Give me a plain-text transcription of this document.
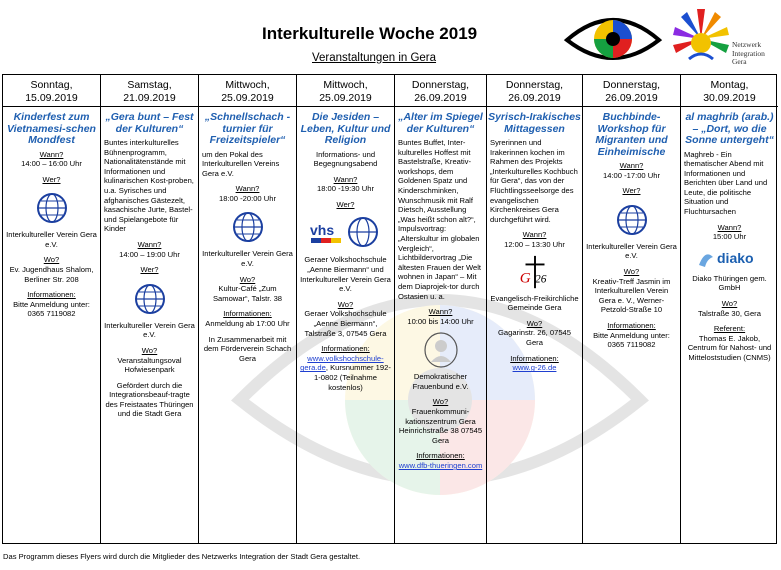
Interkulturelle Woche 2019
Veranstaltungen in Gera
Netzwerk
Integration
Gera
Sonntag,
15.09.2019
Kinderfest zum Vietnamesi-schen Mondfest
Wann?
14:00 – 16:00 Uhr
Wer?
Interkultureller Verein Gera e.V.
Wo?
Ev. Jugendhaus Shalom, Berliner Str. 208
Informationen:
Bitte Anmeldung unter: 0365 7119082
Samstag,
21.09.2019
„Gera bunt – Fest der Kulturen“
Buntes interkulturelles Bühnenprogramm, Nationalitätenstände mit Informationen und kulinarischen Kost-proben, u.a. Syrisches und afghanisches Gästezelt, kasachische Jurte, Bastel- und Spielangebote für Kinder
Wann?
14:00 – 19:00 Uhr
Wer?
Interkultureller Verein Gera e.V.
Wo?
Veranstaltungsoval Hofwiesenpark
Gefördert durch die Integrationsbeauf-tragte des Freistaates Thüringen und die Stadt Gera
Mittwoch,
25.09.2019
„Schnellschach -turnier für Freizeitspieler“
um den Pokal des Interkulturellen Vereins Gera e.V.
Wann?
18:00 -20:00 Uhr
Interkultureller Verein Gera e.V.
Wo?
Kultur-Café „Zum Samowar“, Talstr. 38
Informationen:
Anmeldung ab 17:00 Uhr
In Zusammenarbeit mit dem Förderverein Schach Gera
Mittwoch,
25.09.2019
Die Jesiden – Leben, Kultur und Religion
Informations- und Begegnungsabend
Wann?
18:00 -19:30 Uhr
Wer?
vhs
Geraer Volkshochschule „Aenne Biermann“ und Interkultureller Verein Gera e.V.
Wo?
Geraer Volkshochschule „Aenne Biermann“, Talstraße 3, 07545 Gera
Informationen:
www.volkshochschule-gera.de, Kursnummer 192-1-0802 (Teilnahme kostenlos)
Donnerstag,
26.09.2019
„Alter im Spiegel der Kulturen“
Buntes Buffet, Inter-kulturelles Hoffest mit Bastelstraße, Kreativ-workshops, dem Goldenen Spatz und Kinderschminken, Wunschmusik mit Ralf Dietsch, Ausstellung „Was heißt schon alt?“, Impulsvortrag: „Alterskultur im globalen Vergleich“, Lichtbildervortrag „Die ältesten Frauen der Welt wohnen in Japan“ – Mit dem Diaprojek-tor durch Ostasien u. a.
Wann?
10:00 bis 14:00 Uhr
Demokratischer Frauenbund e.V.
Wo?
Frauenkommuni-kationszentrum Gera Heinrichstraße 38 07545 Gera
Informationen:
www.dfb-thueringen.com
Donnerstag,
26.09.2019
Syrisch-Irakisches Mittagessen
Syrerinnen und Irakerinnen kochen im Rahmen des Projekts „Interkulturelles Kochbuch für Gera“, das von der Flüchtlingsseelsorge des evangelischen Kirchenkreises Gera durchgeführt wird.
Wann?
12:00 – 13:30 Uhr
G 26
Evangelisch-Freikirchliche Gemeinde Gera
Wo?
Gagarinstr. 26, 07545 Gera
Informationen:
www.g-26.de
Donnerstag,
26.09.2019
Buchbinde-Workshop für Migranten und Einheimische
Wann?
14:00 -17:00 Uhr
Wer?
Interkultureller Verein Gera e.V.
Wo?
Kreativ-Treff Jasmin im Interkulturellen Verein Gera e. V., Werner-Petzold-Straße 10
Informationen:
Bitte Anmeldung unter: 0365 7119082
Montag,
30.09.2019
al maghrib (arab.) – „Dort, wo die Sonne untergeht“
Maghreb - Ein thematischer Abend mit Informationen und Berichten über Land und Leute, die politische Situation und Fluchtursachen
Wann?
15:00 Uhr
diako
Diako Thüringen gem. GmbH
Wo?
Talstraße 30, Gera
Referent:
Thomas E. Jakob, Centrum für Nahost- und Mitteloststudien (CNMS)
Das Programm dieses Flyers wird durch die Mitglieder des Netzwerks Integration der Stadt Gera gestaltet.
